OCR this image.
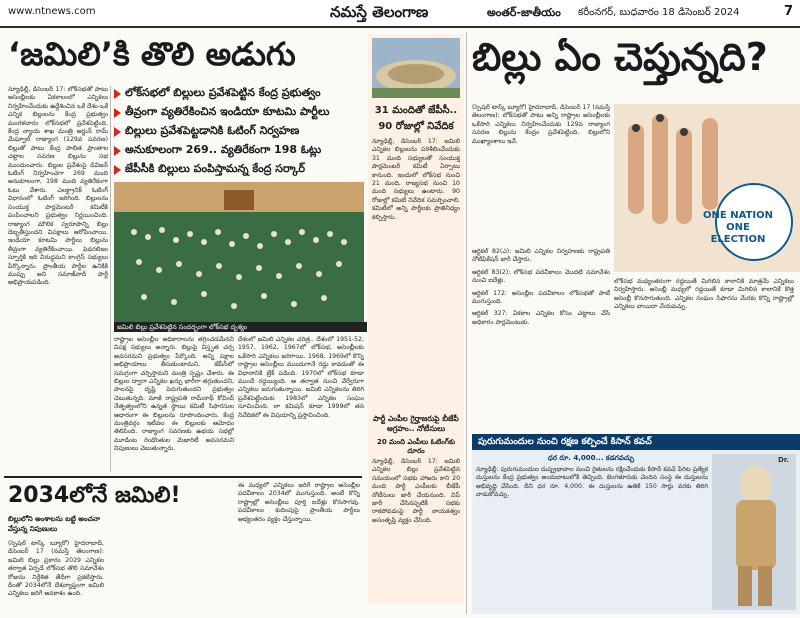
www.ntnews.com	నమస్తే తెలంగాణ	అంతర్-జాతీయం కరీంనగర్, బుధవారం 18 డిసెంబర్ 2024	7
‘జమిలి’కి తొలి అడుగు
లోక్‌సభలో బిల్లులు ప్రవేశపెట్టిన కేంద్ర ప్రభుత్వం
తీవ్రంగా వ్యతిరేకించిన ఇండియా కూటమి పార్టీలు
బిల్లులు ప్రవేశపెట్టడానికి ఓటింగ్ నిర్వహణ
అనుకూలంగా 269.. వ్యతిరేకంగా 198 ఓట్లు
జేపీసీకి బిల్లులు పంపిస్తామన్న కేంద్ర సర్కార్
న్యూఢిల్లీ, డిసెంబర్ 17: లోక్‌సభతో పాటు అసెంబ్లీలకు ఏకకాలంలో ఎన్నికలు నిర్వహించేందుకు ఉద్దేశించిన ఒకే దేశం-ఒకే ఎన్నిక బిల్లులను కేంద్ర ప్రభుత్వం మంగళవారం లోక్‌సభలో ప్రవేశపెట్టింది. కేంద్ర న్యాయ శాఖ మంత్రి అర్జున్ రామ్ మేఘ్వాల్ రాజ్యాంగ (129వ సవరణ) బిల్లుతో పాటు కేంద్ర పాలిత ప్రాంతాల చట్టాల సవరణ బిల్లును సభ ముందుంచారు. బిల్లుల ప్రవేశంపై డివిజన్ ఓటింగ్ నిర్వహించగా 269 మంది అనుకూలంగా, 198 మంది వ్యతిరేకంగా ఓటు వేశారు. ఎలక్ట్రానిక్ ఓటింగ్ విధానంలో ఓటింగ్ జరిగింది. బిల్లులను సంయుక్త పార్లమెంటరీ కమిటీకి పంపించాలని ప్రభుత్వం నిర్ణయించింది. రాజ్యాంగ మౌలిక స్వరూపాన్ని బిల్లు దెబ్బతీస్తుందని విపక్షాలు ఆరోపించాయి. ఇండియా కూటమి పార్టీలు బిల్లును తీవ్రంగా వ్యతిరేకించాయి. ఫెడరలిజం స్ఫూర్తికి ఇది విరుద్ధమని కాంగ్రెస్ సభ్యులు పేర్కొన్నారు. ప్రాంతీయ పార్టీల ఉనికికి ముప్పు అని సమాజ్‌వాదీ పార్టీ అభిప్రాయపడింది.
జమిలి బిల్లు ప్రవేశపెట్టిన సందర్భంగా లోక్‌సభ దృశ్యం
రాష్ట్రాల అసెంబ్లీల అధికారాలను తగ్గించడమేనని విపక్ష సభ్యులు అన్నారు. బిల్లుపై విస్తృత చర్చ అవసరమని ప్రభుత్వం పేర్కొంది. అన్ని పక్షాల అభిప్రాయాలు తీసుకుంటామని, జేపీసీలో సమగ్రంగా చర్చిస్తామని మంత్రి స్పష్టం చేశారు. ఈ బిల్లుల ద్వారా ఎన్నికల ఖర్చు భారీగా తగ్గుతుందని, పాలనపై దృష్టి పెరుగుతుందని ప్రభుత్వం చెబుతున్నది. మాజీ రాష్ట్రపతి రామ్‌నాథ్ కోవింద్ నేతృత్వంలోని ఉన్నత స్థాయి కమిటీ సిఫారసుల ఆధారంగా ఈ బిల్లులను రూపొందించారు. కేంద్ర మంత్రివర్గం ఇటీవల ఈ బిల్లులకు ఆమోదం తెలిపింది. రాజ్యాంగ సవరణకు ఉభయ సభల్లో మూడింట రెండొంతుల మెజారిటీ అవసరమని నిపుణులు చెబుతున్నారు.
దేశంలో జమిలి ఎన్నికల చరిత్ర.. దేశంలో 1951-52, 1957, 1962, 1967లో లోక్‌సభ, అసెంబ్లీలకు ఒకేసారి ఎన్నికలు జరిగాయి. 1968, 1969లో కొన్ని రాష్ట్రాల అసెంబ్లీలు ముందుగానే రద్దు కావడంతో ఈ విధానానికి బ్రేక్ పడింది. 1970లో లోక్‌సభ కూడా ముందే రద్దయ్యింది. ఆ తర్వాత నుంచి వేర్వేరుగా ఎన్నికలు జరుగుతున్నాయి. జమిలి ఎన్నికలను తిరిగి ప్రవేశపెట్టేందుకు 1983లో ఎన్నికల సంఘం సూచించింది. లా కమిషన్ కూడా 1999లో తన నివేదికలో ఈ విషయాన్ని ప్రస్తావించింది.
31 మందితో జేపీసీ..
90 రోజుల్లో నివేదిక
న్యూఢిల్లీ, డిసెంబర్ 17: జమిలి ఎన్నికల బిల్లులను పరిశీలించేందుకు 31 మంది సభ్యులతో సంయుక్త పార్లమెంటరీ కమిటీ ఏర్పాటు కానుంది. ఇందులో లోక్‌సభ నుంచి 21 మంది, రాజ్యసభ నుంచి 10 మంది సభ్యులు ఉంటారు. 90 రోజుల్లో కమిటీ నివేదిక సమర్పించాలి. కమిటీలో అన్ని పార్టీలకు ప్రాతినిధ్యం కల్పిస్తారు.
పార్టీ ఎంపీల గైర్హాజరుపై బీజేపీ ఆగ్రహం.. నోటీసులు
20 మంది ఎంపీలు ఓటింగ్‌కు దూరం
న్యూఢిల్లీ, డిసెంబర్ 17: జమిలి ఎన్నికల బిల్లు ప్రవేశపెట్టిన సమయంలో సభకు హాజరు కాని 20 మంది పార్టీ ఎంపీలకు బీజేపీ నోటీసులు జారీ చేయనుంది. విప్ జారీ చేసినప్పటికీ సభకు రాకపోవడంపై పార్టీ నాయకత్వం అసంతృప్తి వ్యక్తం చేసింది.
బిల్లు ఏం చెప్తున్నది?
ONE NATION ONE ELECTION
(స్పెషల్ టాస్క్ బ్యూరో) హైదరాబాద్, డిసెంబర్ 17 (నమస్తే తెలంగాణ): లోక్‌సభతో పాటు అన్ని రాష్ట్రాల అసెంబ్లీలకు ఒకేసారి ఎన్నికలు నిర్వహించేందుకు 129వ రాజ్యాంగ సవరణ బిల్లును కేంద్రం ప్రవేశపెట్టింది. బిల్లులోని ముఖ్యాంశాలు ఇవే.
ఆర్టికల్ 82(ఎ): జమిలి ఎన్నికల నిర్వహణకు రాష్ట్రపతి నోటిఫికేషన్ జారీ చేస్తారు.
ఆర్టికల్ 83(2): లోక్‌సభ పదవీకాలం మొదటి సమావేశం నుంచి ఐదేళ్లు.
ఆర్టికల్ 172: అసెంబ్లీల పదవీకాలం లోక్‌సభతో పాటే ముగుస్తుంది.
ఆర్టికల్ 327: ఏకకాల ఎన్నికల కోసం చట్టాలు చేసే అధికారం పార్లమెంటుకు.
లోక్‌సభ మధ్యంతరంగా రద్దయితే మిగిలిన కాలానికి మాత్రమే ఎన్నికలు నిర్వహిస్తారు. అసెంబ్లీ మధ్యలో రద్దయితే కూడా మిగిలిన కాలానికే కొత్త అసెంబ్లీ కొనసాగుతుంది. ఎన్నికల సంఘం సిఫారసు మేరకు కొన్ని రాష్ట్రాల్లో ఎన్నికలు వాయిదా వేయవచ్చు.
2034లోనే జమిలి!
బిల్లులోని అంశాలను బట్టి అంచనా వేస్తున్న నిపుణులు
(స్పెషల్ టాస్క్ బ్యూరో) హైదరాబాద్, డిసెంబర్ 17 (నమస్తే తెలంగాణ): జమిలి బిల్లు ప్రకారం 2029 ఎన్నికల తర్వాత ఏర్పడే లోక్‌సభ తొలి సమావేశం రోజును నిర్దేశిత తేదీగా ప్రకటిస్తారు. దీంతో 2034లోనే దేశవ్యాప్తంగా జమిలి ఎన్నికలు జరిగే అవకాశం ఉంది.
ఈ మధ్యలో ఎన్నికలు జరిగే రాష్ట్రాల అసెంబ్లీల పదవీకాలం 2034లో ముగుస్తుంది. అంటే కొన్ని రాష్ట్రాల్లో అసెంబ్లీలు పూర్తి ఐదేళ్లు కొనసాగవు. పదవీకాలం కుదింపుపై ప్రాంతీయ పార్టీలు అభ్యంతరం వ్యక్తం చేస్తున్నాయి.
పురుగుమందుల నుంచి రక్షణ కల్పించే కిసాన్ కవచ్
ధర రూ. 4,000... కడగవచ్చు
న్యూఢిల్లీ: పురుగుమందుల దుష్ప్రభావాల నుంచి రైతులను రక్షించేందుకు కిసాన్ కవచ్ పేరిట ప్రత్యేక దుస్తులను కేంద్ర ప్రభుత్వం అందుబాటులోకి తెచ్చింది. బెంగళూరుకు చెందిన సంస్థ ఈ దుస్తులను అభివృద్ధి చేసింది. దీని ధర రూ. 4,000. ఈ దుస్తులను ఉతికి 150 సార్లు వరకు తిరిగి వాడుకోవచ్చు.
Dr.
